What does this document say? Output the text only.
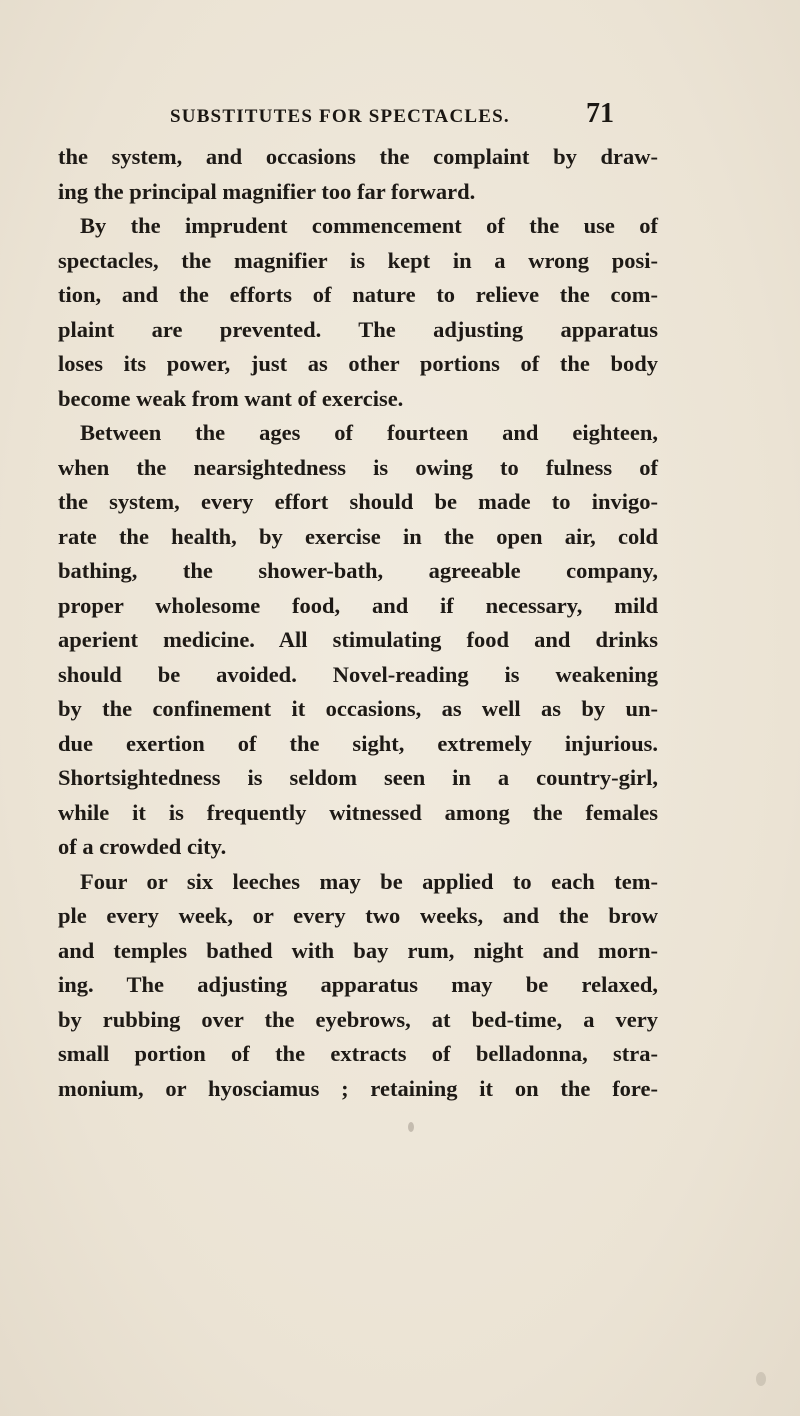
SUBSTITUTES FOR SPECTACLES.	71
the system, and occasions the complaint by draw-
ing the principal magnifier too far forward.
By the imprudent commencement of the use of
spectacles, the magnifier is kept in a wrong posi-
tion, and the efforts of nature to relieve the com-
plaint are prevented. The adjusting apparatus
loses its power, just as other portions of the body
become weak from want of exercise.
Between the ages of fourteen and eighteen,
when the nearsightedness is owing to fulness of
the system, every effort should be made to invigo-
rate the health, by exercise in the open air, cold
bathing, the shower-bath, agreeable company,
proper wholesome food, and if necessary, mild
aperient medicine. All stimulating food and drinks
should be avoided. Novel-reading is weakening
by the confinement it occasions, as well as by un-
due exertion of the sight, extremely injurious.
Shortsightedness is seldom seen in a country-girl,
while it is frequently witnessed among the females
of a crowded city.
Four or six leeches may be applied to each tem-
ple every week, or every two weeks, and the brow
and temples bathed with bay rum, night and morn-
ing. The adjusting apparatus may be relaxed,
by rubbing over the eyebrows, at bed-time, a very
small portion of the extracts of belladonna, stra-
monium, or hyosciamus ; retaining it on the fore-
